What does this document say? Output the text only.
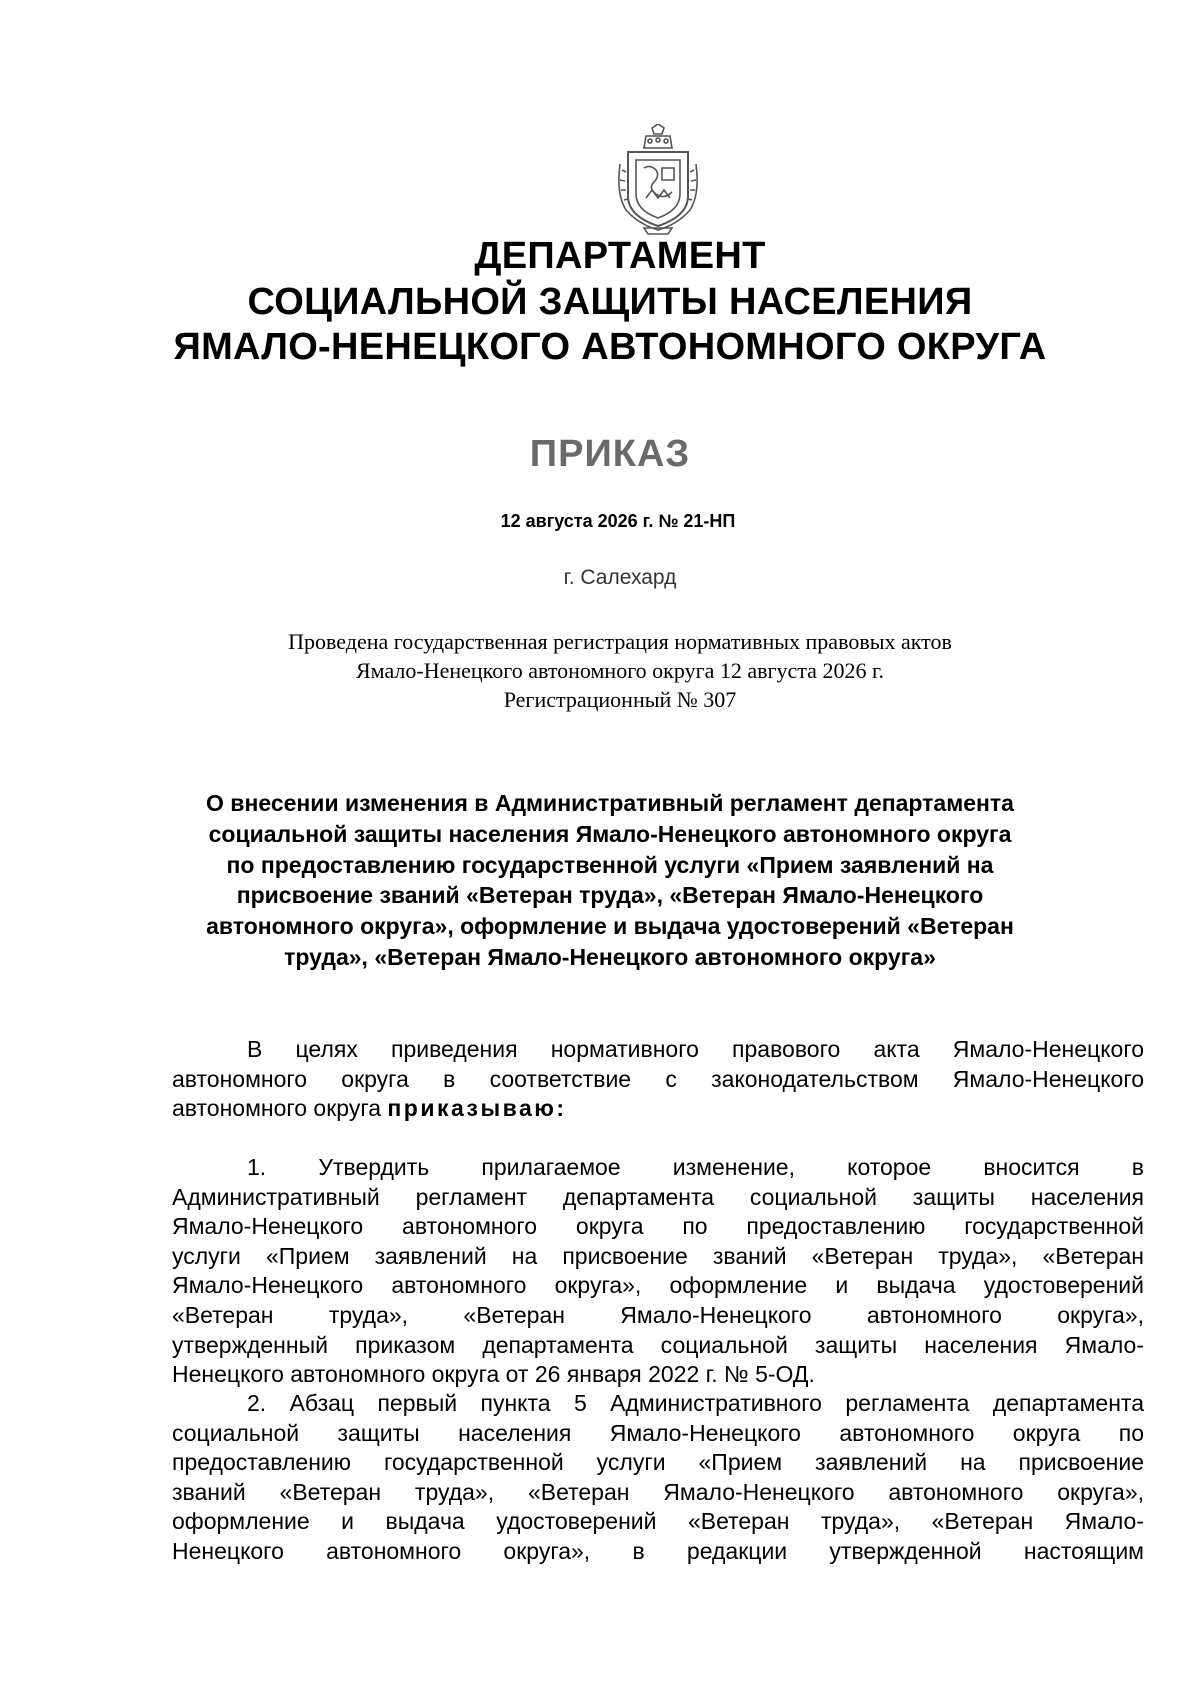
ДЕПАРТАМЕНТ
СОЦИАЛЬНОЙ ЗАЩИТЫ НАСЕЛЕНИЯ
ЯМАЛО-НЕНЕЦКОГО АВТОНОМНОГО ОКРУГА
ПРИКАЗ
12 августа 2026 г. № 21-НП
г. Салехард
Проведена государственная регистрация нормативных правовых актов
Ямало-Ненецкого автономного округа 12 августа 2026 г.
Регистрационный № 307
О внесении изменения в Административный регламент департамента
социальной защиты населения Ямало-Ненецкого автономного округа
по предоставлению государственной услуги «Прием заявлений на
присвоение званий «Ветеран труда», «Ветеран Ямало-Ненецкого
автономного округа», оформление и выдача удостоверений «Ветеран
труда», «Ветеран Ямало-Ненецкого автономного округа»
В целях приведения нормативного правового акта Ямало-Ненецкого
автономного округа в соответствие с законодательством Ямало-Ненецкого
автономного округа приказываю:
1. Утвердить прилагаемое изменение, которое вносится в
Административный регламент департамента социальной защиты населения
Ямало-Ненецкого автономного округа по предоставлению государственной
услуги «Прием заявлений на присвоение званий «Ветеран труда», «Ветеран
Ямало-Ненецкого автономного округа», оформление и выдача удостоверений
«Ветеран труда», «Ветеран Ямало-Ненецкого автономного округа»,
утвержденный приказом департамента социальной защиты населения Ямало-
Ненецкого автономного округа от 26 января 2022 г. № 5-ОД.
2. Абзац первый пункта 5 Административного регламента департамента
социальной защиты населения Ямало-Ненецкого автономного округа по
предоставлению государственной услуги «Прием заявлений на присвоение
званий «Ветеран труда», «Ветеран Ямало-Ненецкого автономного округа»,
оформление и выдача удостоверений «Ветеран труда», «Ветеран Ямало-
Ненецкого автономного округа», в редакции утвержденной настоящим
